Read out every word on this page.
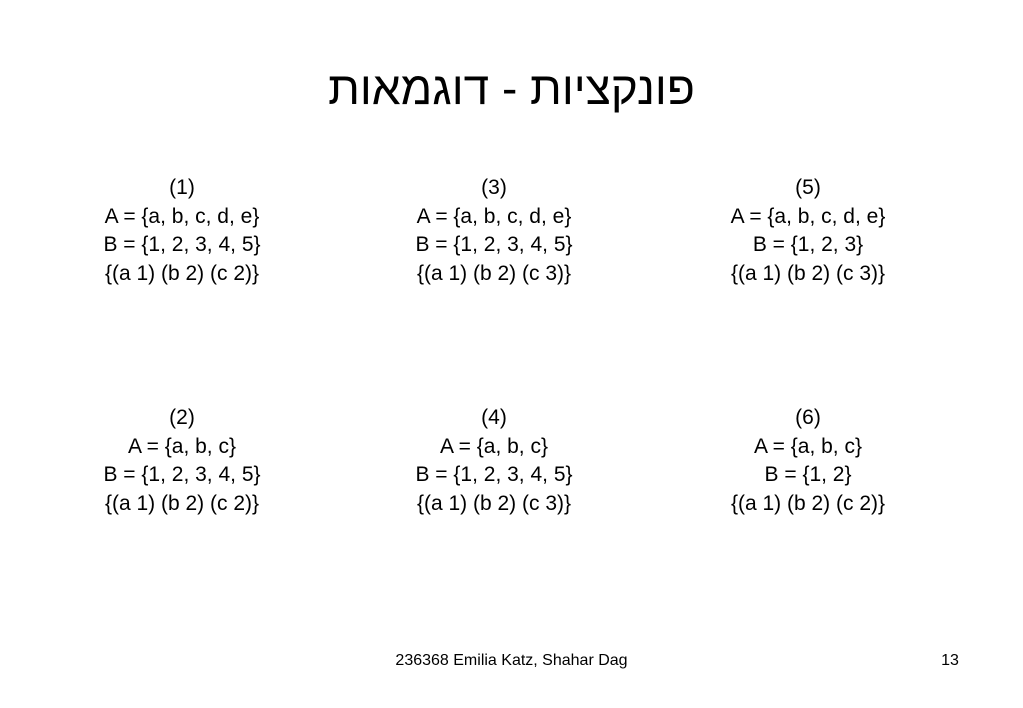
פונקציות - דוגמאות
(1)
A = {a, b, c, d, e}
B = {1, 2, 3, 4, 5}
{(a 1) (b 2) (c 2)}
(2)
A = {a, b, c}
B = {1, 2, 3, 4, 5}
{(a 1) (b 2) (c 2)}
(3)
A = {a, b, c, d, e}
B = {1, 2, 3, 4, 5}
{(a 1) (b 2) (c 3)}
(4)
A = {a, b, c}
B = {1, 2, 3, 4, 5}
{(a 1) (b 2) (c 3)}
(5)
A = {a, b, c, d, e}
B = {1, 2, 3}
{(a 1) (b 2) (c 3)}
(6)
A = {a, b, c}
B = {1, 2}
{(a 1) (b 2) (c 2)}
236368 Emilia Katz, Shahar Dag	13
